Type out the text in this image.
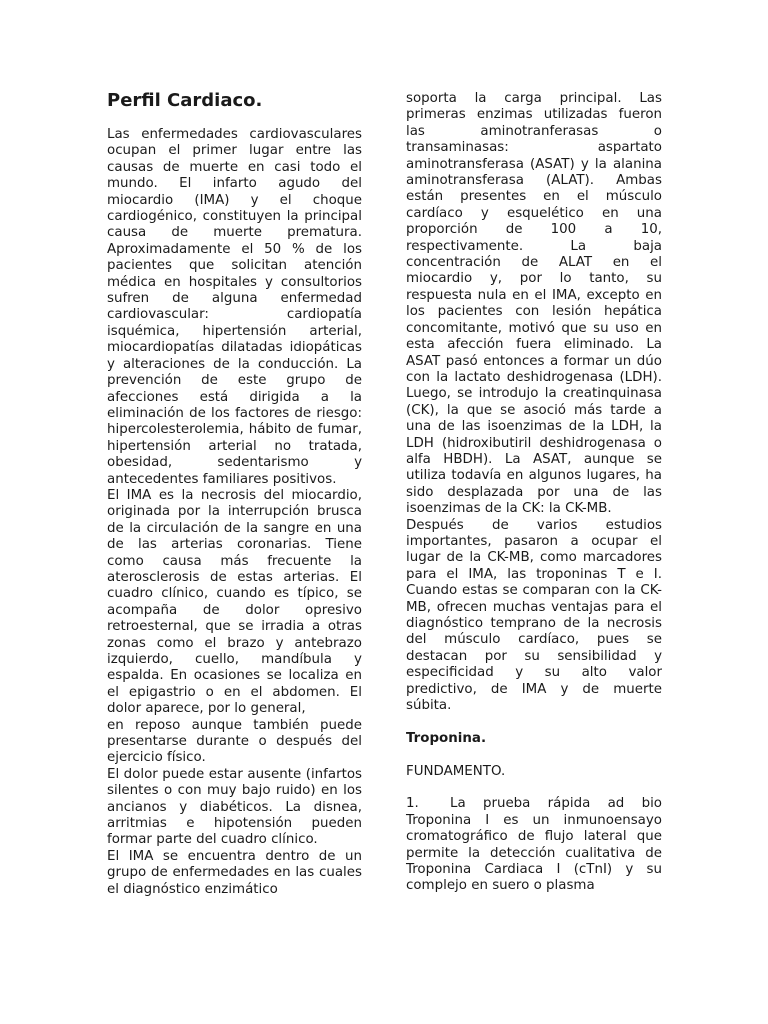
Perfil Cardiaco.

Las enfermedades cardiovasculares ocupan el primer lugar entre las causas de muerte en casi todo el mundo. El infarto agudo del miocardio (IMA) y el choque cardiogénico, constituyen la principal causa de muerte prematura. Aproximadamente el 50 % de los pacientes que solicitan atención médica en hospitales y consultorios sufren de alguna enfermedad cardiovascular: cardiopatía isquémica, hipertensión arterial, miocardiopatías dilatadas idiopáticas y alteraciones de la conducción. La prevención de este grupo de afecciones está dirigida a la eliminación de los factores de riesgo: hipercolesterolemia, hábito de fumar, hipertensión arterial no tratada, obesidad, sedentarismo y antecedentes familiares positivos.

El IMA es la necrosis del miocardio, originada por la interrupción brusca de la circulación de la sangre en una de las arterias coronarias. Tiene como causa más frecuente la aterosclerosis de estas arterias. El cuadro clínico, cuando es típico, se acompaña de dolor opresivo retroesternal, que se irradia a otras zonas como el brazo y antebrazo izquierdo, cuello, mandíbula y espalda. En ocasiones se localiza en el epigastrio o en el abdomen. El dolor aparece, por lo general,

en reposo aunque también puede presentarse durante o después del ejercicio físico.

El dolor puede estar ausente (infartos silentes o con muy bajo ruido) en los ancianos y diabéticos. La disnea, arritmias e hipotensión pueden formar parte del cuadro clínico.

El IMA se encuentra dentro de un grupo de enfermedades en las cuales el diagnóstico enzimático

soporta la carga principal. Las primeras enzimas utilizadas fueron las aminotranferasas o transaminasas: aspartato aminotransferasa (ASAT) y la alanina aminotransferasa (ALAT). Ambas están presentes en el músculo cardíaco y esquelético en una proporción de 100 a 10, respectivamente. La baja concentración de ALAT en el miocardio y, por lo tanto, su respuesta nula en el IMA, excepto en los pacientes con lesión hepática concomitante, motivó que su uso en esta afección fuera eliminado. La ASAT pasó entonces a formar un dúo con la lactato deshidrogenasa (LDH). Luego, se introdujo la creatinquinasa (CK), la que se asoció más tarde a una de las isoenzimas de la LDH, la LDH (hidroxibutiril deshidrogenasa o alfa HBDH). La ASAT, aunque se utiliza todavía en algunos lugares, ha sido desplazada por una de las isoenzimas de la CK: la CK-MB.

Después de varios estudios importantes, pasaron a ocupar el lugar de la CK-MB, como marcadores para el IMA, las troponinas T e I. Cuando estas se comparan con la CK-MB, ofrecen muchas ventajas para el diagnóstico temprano de la necrosis del músculo cardíaco, pues se destacan por su sensibilidad y especificidad y su alto valor predictivo, de IMA y de muerte súbita.

Troponina.

FUNDAMENTO.

1. La prueba rápida ad bio Troponina I es un inmunoensayo cromatográfico de flujo lateral que permite la detección cualitativa de Troponina Cardiaca I (cTnI) y su complejo en suero o plasma
